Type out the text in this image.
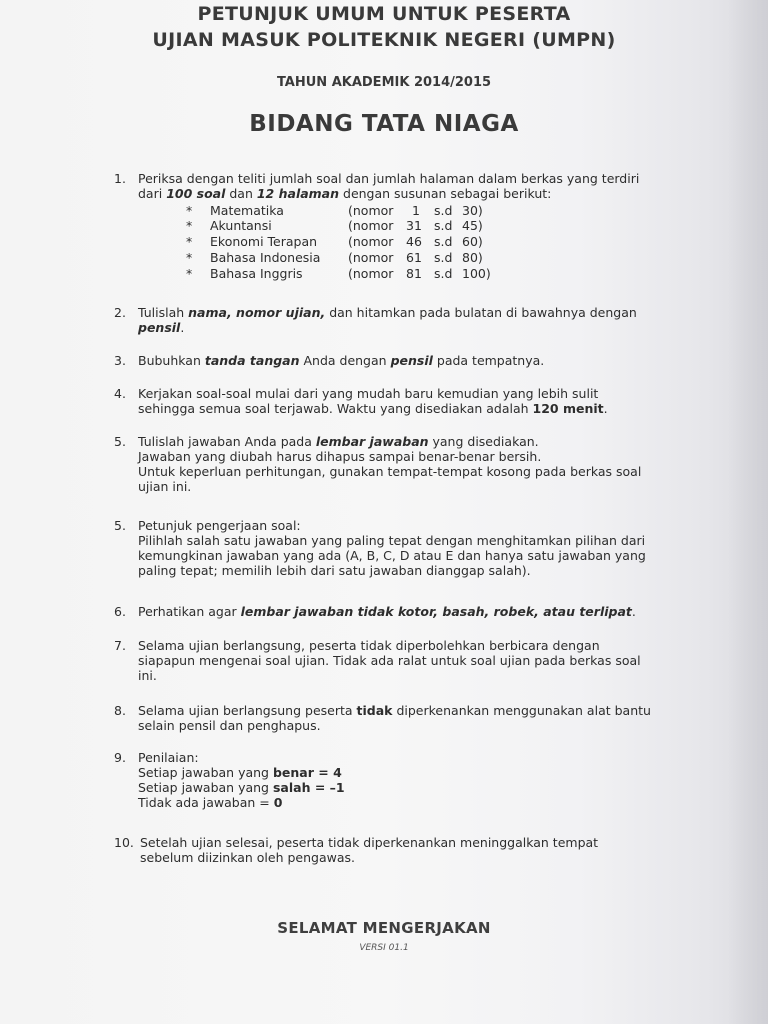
PETUNJUK UMUM UNTUK PESERTA
UJIAN MASUK POLITEKNIK NEGERI (UMPN)
TAHUN AKADEMIK 2014/2015
BIDANG TATA NIAGA
1. Periksa dengan teliti jumlah soal dan jumlah halaman dalam berkas yang terdiri dari 100 soal dan 12 halaman dengan susunan sebagai berikut:
* Matematika	(nomor 1 s.d 30)
* Akuntansi	(nomor 31 s.d 45)
* Ekonomi Terapan (nomor 46 s.d 60)
* Bahasa Indonesia (nomor 61 s.d 80)
* Bahasa Inggris	(nomor 81 s.d 100)
2. Tulislah nama, nomor ujian, dan hitamkan pada bulatan di bawahnya dengan pensil.
3. Bubuhkan tanda tangan Anda dengan pensil pada tempatnya.
4. Kerjakan soal-soal mulai dari yang mudah baru kemudian yang lebih sulit sehingga semua soal terjawab. Waktu yang disediakan adalah 120 menit.
5. Tulislah jawaban Anda pada lembar jawaban yang disediakan.
Jawaban yang diubah harus dihapus sampai benar-benar bersih.
Untuk keperluan perhitungan, gunakan tempat-tempat kosong pada berkas soal ujian ini.
5. Petunjuk pengerjaan soal:
Pilihlah salah satu jawaban yang paling tepat dengan menghitamkan pilihan dari kemungkinan jawaban yang ada (A, B, C, D atau E dan hanya satu jawaban yang paling tepat; memilih lebih dari satu jawaban dianggap salah).
6. Perhatikan agar lembar jawaban tidak kotor, basah, robek, atau terlipat.
7. Selama ujian berlangsung, peserta tidak diperbolehkan berbicara dengan siapapun mengenai soal ujian. Tidak ada ralat untuk soal ujian pada berkas soal ini.
8. Selama ujian berlangsung peserta tidak diperkenankan menggunakan alat bantu selain pensil dan penghapus.
9. Penilaian:
Setiap jawaban yang benar = 4
Setiap jawaban yang salah = –1
Tidak ada jawaban = 0
10. Setelah ujian selesai, peserta tidak diperkenankan meninggalkan tempat sebelum diizinkan oleh pengawas.
SELAMAT MENGERJAKAN
VERSI 01.1
